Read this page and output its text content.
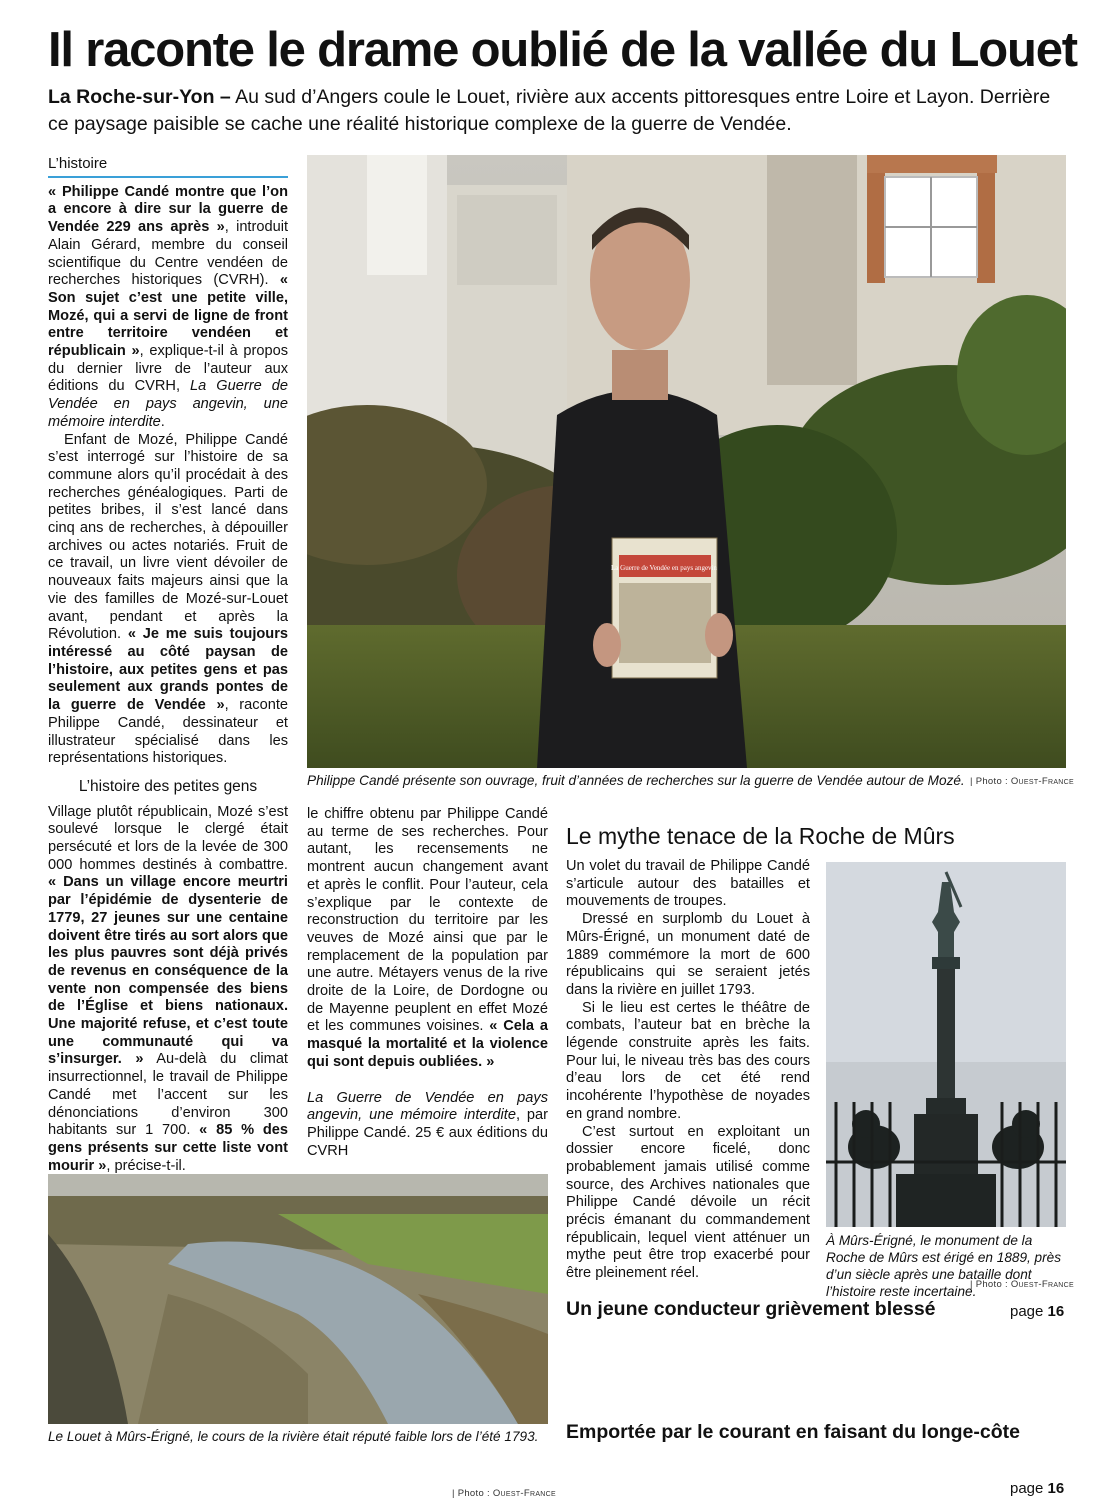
Il raconte le drame oublié de la vallée du Louet
La Roche-sur-Yon – Au sud d’Angers coule le Louet, rivière aux accents pittoresques entre Loire et Layon. Derrière ce paysage paisible se cache une réalité historique complexe de la guerre de Vendée.
L’histoire

« Philippe Candé montre que l’on a encore à dire sur la guerre de Vendée 229 ans après », introduit Alain Gérard, membre du conseil scientifique du Centre vendéen de recherches historiques (CVRH). « Son sujet c’est une petite ville, Mozé, qui a servi de ligne de front entre territoire vendéen et républicain », explique-t-il à propos du dernier livre de l’auteur aux éditions du CVRH, La Guerre de Vendée en pays angevin, une mémoire interdite.

Enfant de Mozé, Philippe Candé s’est interrogé sur l’histoire de sa commune alors qu’il procédait à des recherches généalogiques. Parti de petites bribes, il s’est lancé dans cinq ans de recherches, à dépouiller archives ou actes notariés. Fruit de ce travail, un livre vient dévoiler de nouveaux faits majeurs ainsi que la vie des familles de Mozé-sur-Louet avant, pendant et après la Révolution. « Je me suis toujours intéressé au côté paysan de l’histoire, aux petites gens et pas seulement aux grands pontes de la guerre de Vendée », raconte Philippe Candé, dessinateur et illustrateur spécialisé dans les représentations historiques.

L’histoire des petites gens

Village plutôt républicain, Mozé s’est soulevé lorsque le clergé était persécuté et lors de la levée de 300 000 hommes destinés à combattre. « Dans un village encore meurtri par l’épidémie de dysenterie de 1779, 27 jeunes sur une centaine doivent être tirés au sort alors que les plus pauvres sont déjà privés de revenus en conséquence de la vente non compensée des biens de l’Église et biens nationaux. Une majorité refuse, et c’est toute une communauté qui va s’insurger. » Au-delà du climat insurrectionnel, le travail de Philippe Candé met l’accent sur les dénonciations d’environ 300 habitants sur 1 700. « 85 % des gens présents sur cette liste vont mourir », précise-t-il.

le chiffre obtenu par Philippe Candé au terme de ses recherches. Pour autant, les recensements ne montrent aucun changement avant et après le conflit. Pour l’auteur, cela s’explique par le contexte de reconstruction du territoire par les veuves de Mozé ainsi que par le remplacement de la population par une autre. Métayers venus de la rive droite de la Loire, de Dordogne ou de Mayenne peuplent en effet Mozé et les communes voisines. « Cela a masqué la mortalité et la violence qui sont depuis oubliées. »

La Guerre de Vendée en pays angevin, une mémoire interdite, par Philippe Candé. 25 € aux éditions du CVRH

La Guerre de Vendée en pays angevin
Philippe Candé présente son ouvrage, fruit d’années de recherches sur la guerre de Vendée autour de Mozé. | Photo : Ouest-France
Le mythe tenace de la Roche de Mûrs

Un volet du travail de Philippe Candé s’articule autour des batailles et mouvements de troupes.

Dressé en surplomb du Louet à Mûrs-Érigné, un monument daté de 1889 commémore la mort de 600 républicains qui se seraient jetés dans la rivière en juillet 1793.

Si le lieu est certes le théâtre de combats, l’auteur bat en brèche la légende construite après les faits. Pour lui, le niveau très bas des cours d’eau lors de cet été rend incohérente l’hypothèse de noyades en grand nombre.

C’est surtout en exploitant un dossier encore ficelé, donc probablement jamais utilisé comme source, des Archives nationales que Philippe Candé dévoile un récit précis émanant du commandement républicain, lequel vient atténuer un mythe peut être trop exacerbé pour être pleinement réel.

À Mûrs-Érigné, le monument de la Roche de Mûrs est érigé en 1889, près d’un siècle après une bataille dont l’histoire reste incertaine.
| Photo : Ouest-France
Le Louet à Mûrs-Érigné, le cours de la rivière était réputé faible lors de l’été 1793.
| Photo : Ouest-France
Un jeune conducteur grièvement blessé	page 16
Emportée par le courant en faisant du longe-côte
page 16
